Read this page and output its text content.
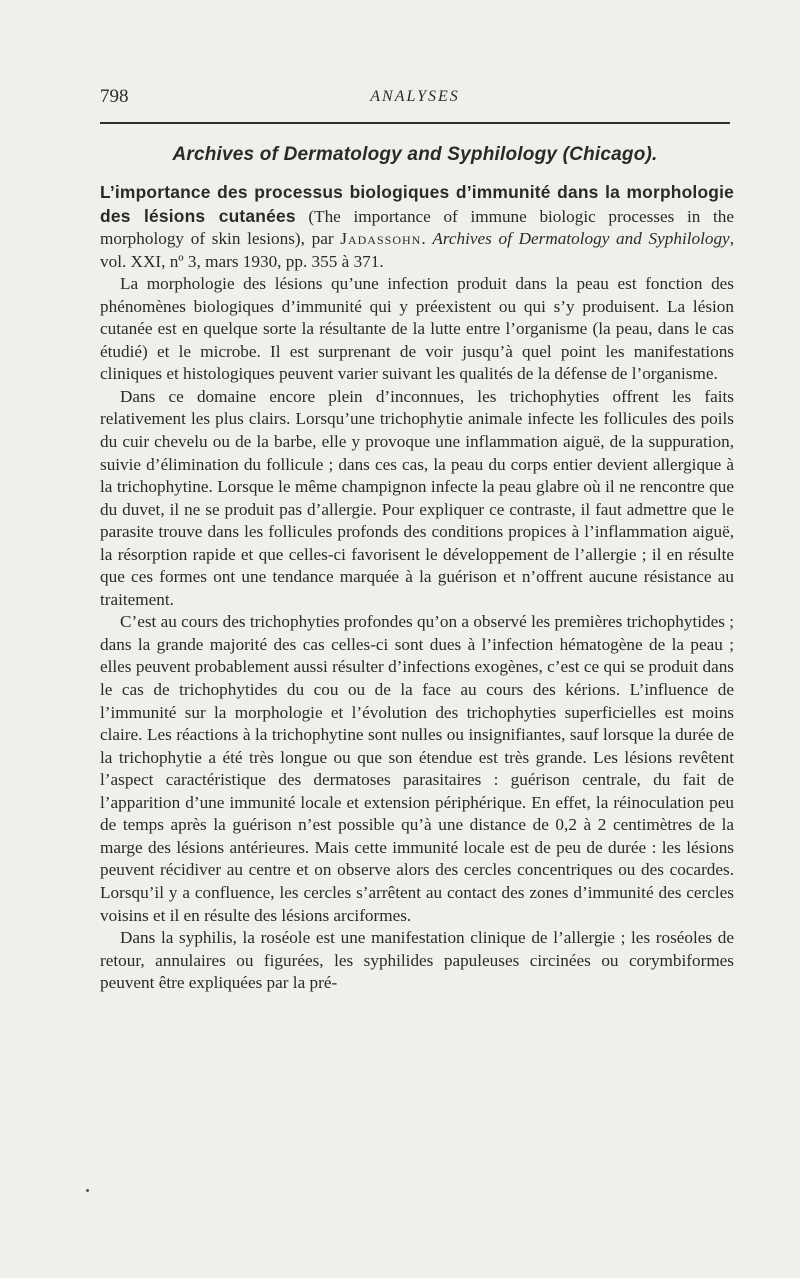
798	ANALYSES
Archives of Dermatology and Syphilology (Chicago).

L’importance des processus biologiques d’immunité dans la morphologie des lésions cutanées (The importance of immune biologic processes in the morphology of skin lesions), par Jadassohn. Archives of Dermatology and Syphilology, vol. XXI, nº 3, mars 1930, pp. 355 à 371.

La morphologie des lésions qu’une infection produit dans la peau est fonction des phénomènes biologiques d’immunité qui y préexistent ou qui s’y produisent. La lésion cutanée est en quelque sorte la résultante de la lutte entre l’organisme (la peau, dans le cas étudié) et le microbe. Il est surprenant de voir jusqu’à quel point les manifestations cliniques et histologiques peuvent varier suivant les qualités de la défense de l’organisme.

Dans ce domaine encore plein d’inconnues, les trichophyties offrent les faits relativement les plus clairs. Lorsqu’une trichophytie animale infecte les follicules des poils du cuir chevelu ou de la barbe, elle y provoque une inflammation aiguë, de la suppuration, suivie d’élimination du follicule ; dans ces cas, la peau du corps entier devient allergique à la trichophytine. Lorsque le même champignon infecte la peau glabre où il ne rencontre que du duvet, il ne se produit pas d’allergie. Pour expliquer ce contraste, il faut admettre que le parasite trouve dans les follicules profonds des conditions propices à l’inflammation aiguë, la résorption rapide et que celles-ci favorisent le développement de l’allergie ; il en résulte que ces formes ont une tendance marquée à la guérison et n’offrent aucune résistance au traitement.

C’est au cours des trichophyties profondes qu’on a observé les premières trichophytides ; dans la grande majorité des cas celles-ci sont dues à l’infection hématogène de la peau ; elles peuvent probablement aussi résulter d’infections exogènes, c’est ce qui se produit dans le cas de trichophytides du cou ou de la face au cours des kérions. L’influence de l’immunité sur la morphologie et l’évolution des trichophyties superficielles est moins claire. Les réactions à la trichophytine sont nulles ou insignifiantes, sauf lorsque la durée de la trichophytie a été très longue ou que son étendue est très grande. Les lésions revêtent l’aspect caractéristique des dermatoses parasitaires : guérison centrale, du fait de l’apparition d’une immunité locale et extension périphérique. En effet, la réinoculation peu de temps après la guérison n’est possible qu’à une distance de 0,2 à 2 centimètres de la marge des lésions antérieures. Mais cette immunité locale est de peu de durée : les lésions peuvent récidiver au centre et on observe alors des cercles concentriques ou des cocardes. Lorsqu’il y a confluence, les cercles s’arrêtent au contact des zones d’immunité des cercles voisins et il en résulte des lésions arciformes.

Dans la syphilis, la roséole est une manifestation clinique de l’allergie ; les roséoles de retour, annulaires ou figurées, les syphilides papuleuses circinées ou corymbiformes peuvent être expliquées par la pré-
